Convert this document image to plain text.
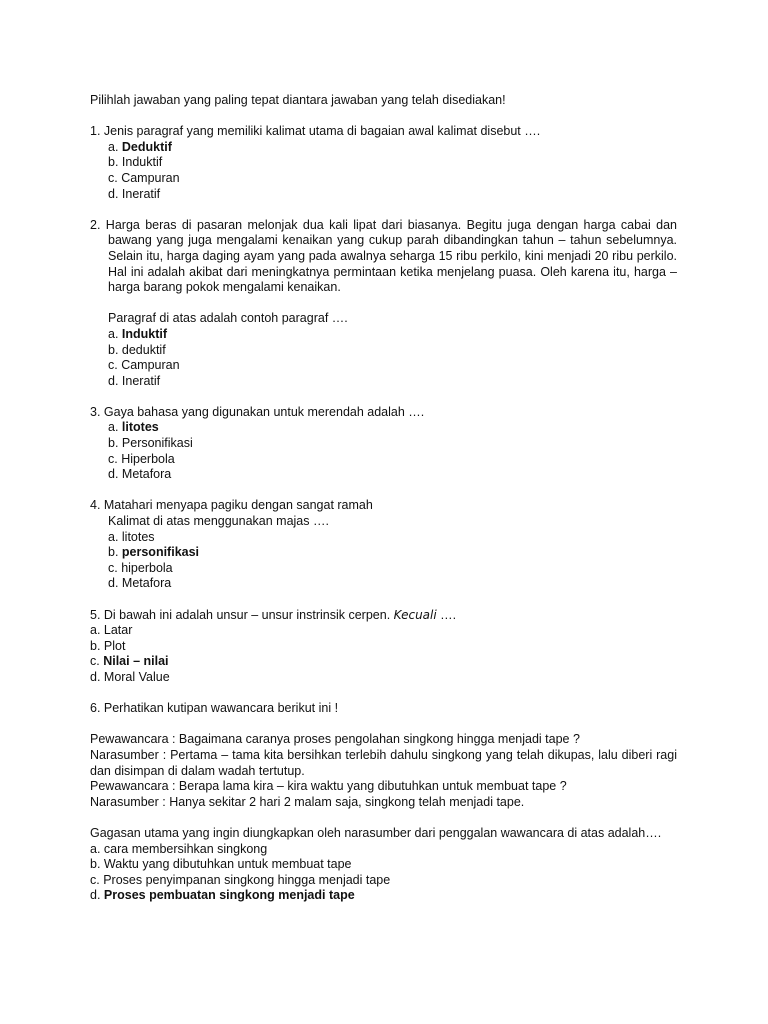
Pilihlah jawaban yang paling tepat diantara jawaban yang telah disediakan!

1. Jenis paragraf yang memiliki kalimat utama di bagaian awal kalimat disebut ….

a. Deduktif
b. Induktif
c. Campuran
d. Ineratif

2. Harga beras di pasaran melonjak dua kali lipat dari biasanya. Begitu juga dengan harga cabai dan bawang yang juga mengalami kenaikan yang cukup parah dibandingkan tahun – tahun sebelumnya. Selain itu, harga daging ayam yang pada awalnya seharga 15 ribu perkilo, kini menjadi 20 ribu perkilo. Hal ini adalah akibat dari meningkatnya permintaan ketika menjelang puasa. Oleh karena itu, harga – harga barang pokok mengalami kenaikan.

Paragraf di atas adalah contoh paragraf ….

a. Induktif
b. deduktif
c. Campuran
d. Ineratif

3. Gaya bahasa yang digunakan untuk merendah adalah ….

a. litotes
b. Personifikasi
c. Hiperbola
d. Metafora

4. Matahari menyapa pagiku dengan sangat ramah

Kalimat di atas menggunakan majas ….

a. litotes
b. personifikasi
c. hiperbola
d. Metafora

5. Di bawah ini adalah unsur – unsur instrinsik cerpen. Kecuali ….

a. Latar
b. Plot
c. Nilai – nilai
d. Moral Value

6. Perhatikan kutipan wawancara berikut ini !

Pewawancara : Bagaimana caranya proses pengolahan singkong hingga menjadi tape ?

Narasumber : Pertama – tama kita bersihkan terlebih dahulu singkong yang telah dikupas, lalu diberi ragi dan disimpan di dalam wadah tertutup.

Pewawancara : Berapa lama kira – kira waktu yang dibutuhkan untuk membuat tape ?

Narasumber : Hanya sekitar 2 hari 2 malam saja, singkong telah menjadi tape.

Gagasan utama yang ingin diungkapkan oleh narasumber dari penggalan wawancara di atas adalah….

a. cara membersihkan singkong
b. Waktu yang dibutuhkan untuk membuat tape
c. Proses penyimpanan singkong hingga menjadi tape
d. Proses pembuatan singkong menjadi tape
